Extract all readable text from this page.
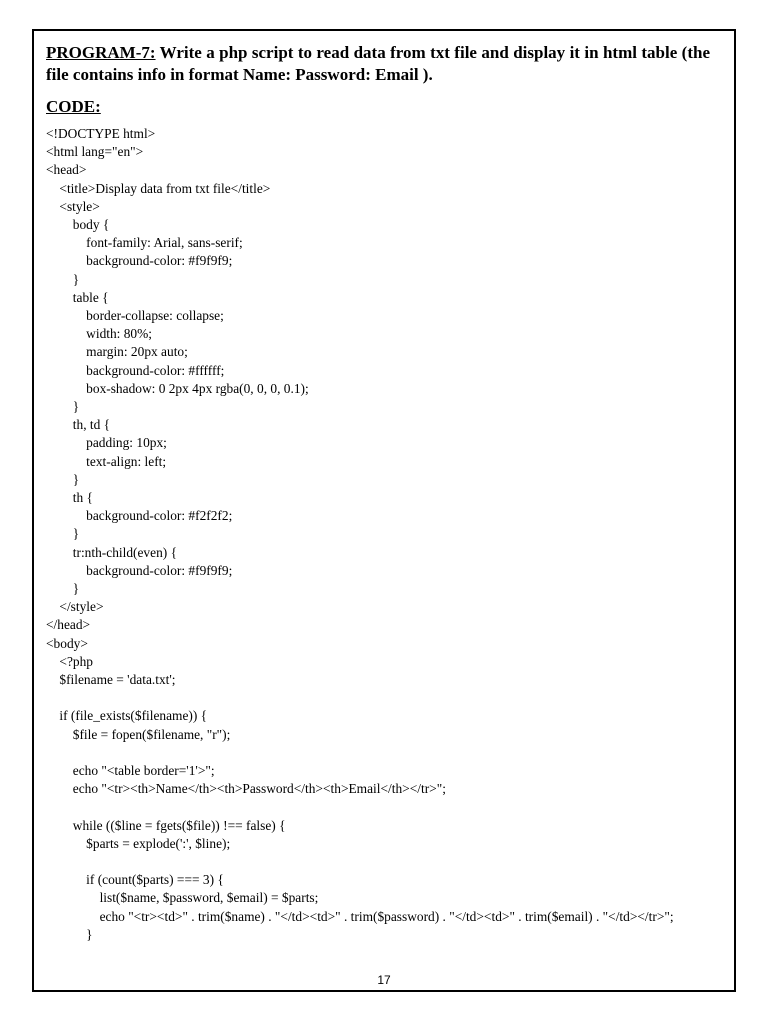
PROGRAM-7: Write a php script to read data from txt file and display it in html table (the file contains info in format Name: Password: Email ).
CODE:
<!DOCTYPE html>
<html lang="en">
<head>
<title>Display data from txt file</title>
<style>
body {
font-family: Arial, sans-serif;
background-color: #f9f9f9;
}
table {
border-collapse: collapse;
width: 80%;
margin: 20px auto;
background-color: #ffffff;
box-shadow: 0 2px 4px rgba(0, 0, 0, 0.1);
}
th, td {
padding: 10px;
text-align: left;
}
th {
background-color: #f2f2f2;
}
tr:nth-child(even) {
background-color: #f9f9f9;
}
</style>
</head>
<body>
<?php
$filename = 'data.txt';
if (file_exists($filename)) {
$file = fopen($filename, "r");
echo "<table border='1'>";
echo "<tr><th>Name</th><th>Password</th><th>Email</th></tr>";
while (($line = fgets($file)) !== false) {
$parts = explode(':', $line);
if (count($parts) === 3) {
list($name, $password, $email) = $parts;
echo "<tr><td>" . trim($name) . "</td><td>" . trim($password) . "</td><td>" . trim($email) . "</td></tr>";
}
17
